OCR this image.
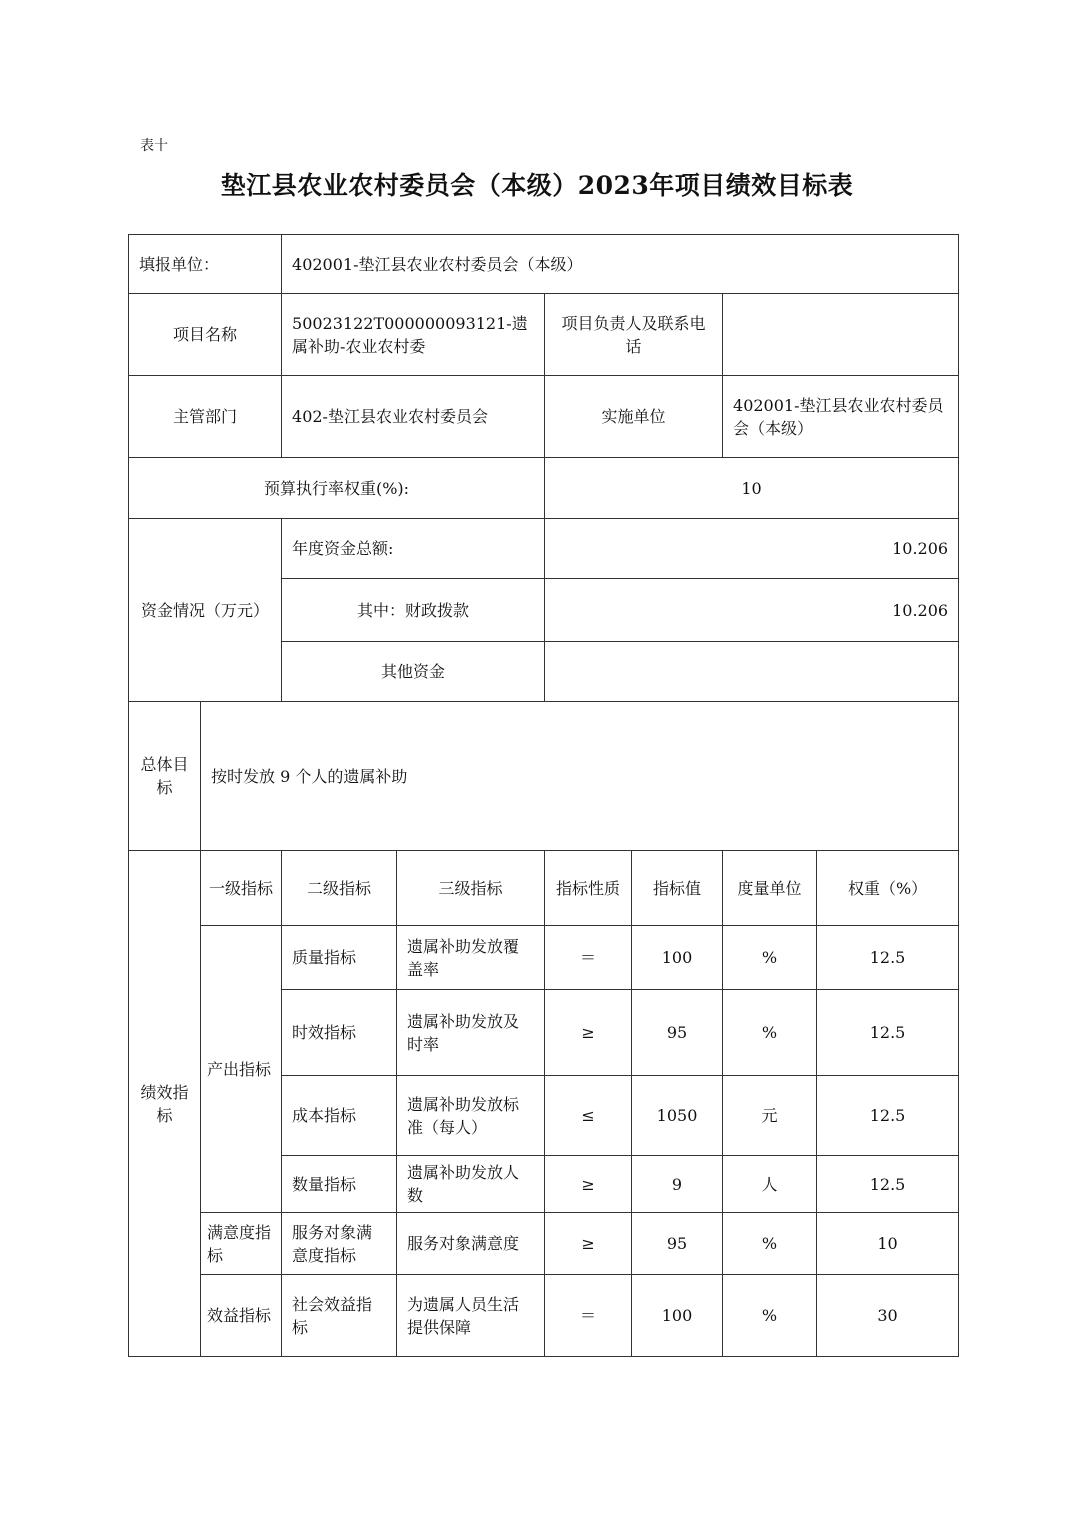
表十
垫江县农业农村委员会（本级）2023年项目绩效目标表
填报单位：		402001-垫江县农业农村委员会（本级）					
项目名称		50023122T000000093121-遗属补助-农业农村委		项目负责人及联系电话			
主管部门		402-垫江县农业农村委员会		实施单位		402001-垫江县农业农村委员会（本级）	
预算执行率权重(%):				10			
资金情况（万元）		年度资金总额:		10.206			
		其中：财政拨款		10.206			
		其他资金					
总体目标	按时发放 9 个人的遗属补助						
绩效指标	一级指标	二级指标	三级指标	指标性质	指标值	度量单位	权重（%）
	产出指标	质量指标	遗属补助发放覆盖率	＝	100	%	12.5
		时效指标	遗属补助发放及时率	≥	95	%	12.5
		成本指标	遗属补助发放标准（每人）	≤	1050	元	12.5
		数量指标	遗属补助发放人数	≥	9	人	12.5
	满意度指标	服务对象满意度指标	服务对象满意度	≥	95	%	10
	效益指标	社会效益指标	为遗属人员生活提供保障	＝	100	%	30
